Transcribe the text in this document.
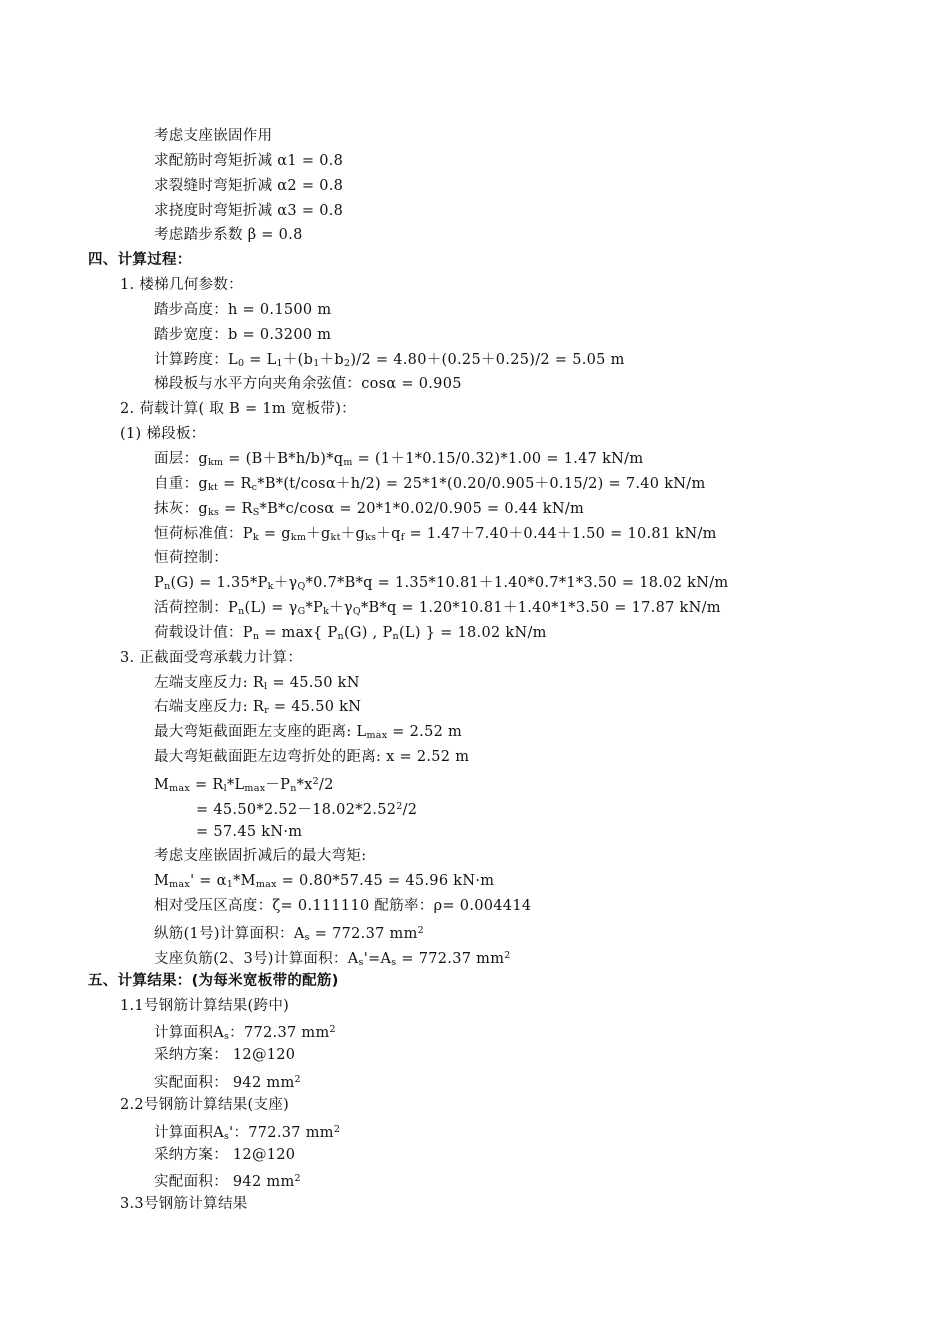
考虑支座嵌固作用
求配筋时弯矩折减 α1 = 0.8
求裂缝时弯矩折减 α2 = 0.8
求挠度时弯矩折减 α3 = 0.8
考虑踏步系数 β = 0.8
四、计算过程：
1. 楼梯几何参数：
踏步高度：h = 0.1500 m
踏步宽度：b = 0.3200 m
计算跨度：$L_0 = L_1+(b_1+b_2)/2 = 4.80+(0.25+0.25)/2 = 5.05$ m
梯段板与水平方向夹角余弦值：cosα = 0.905
2. 荷载计算( 取 B = 1m 宽板带)：
(1) 梯段板：
面层：$g_{km} = (B+B*h/b)*q_m = (1+1*0.15/0.32)*1.00 = 1.47$ kN/m
自重：$g_{kt} = R_c*B*(t/\cos\alpha+h/2) = 25*1*(0.20/0.905+0.15/2) = 7.40$ kN/m
抹灰：$g_{ks} = R_S*B*c/\cos\alpha = 20*1*0.02/0.905 = 0.44$ kN/m
恒荷标准值：$P_k = g_{km}+g_{kt}+g_{ks}+q_f = 1.47+7.40+0.44+1.50 = 10.81$ kN/m
恒荷控制：
$P_n(G) = 1.35*P_k+\gamma_Q*0.7*B*q = 1.35*10.81+1.40*0.7*1*3.50 = 18.02$ kN/m
活荷控制：$P_n(L) = \gamma_G*P_k+\gamma_Q*B*q = 1.20*10.81+1.40*1*3.50 = 17.87$ kN/m
荷载设计值：$P_n = \max${ $P_n(G)$ , $P_n(L)$ } = 18.02 kN/m
3. 正截面受弯承载力计算：
左端支座反力: $R_l = 45.50$ kN
右端支座反力: $R_r = 45.50$ kN
最大弯矩截面距左支座的距离: $L_{max} = 2.52$ m
最大弯矩截面距左边弯折处的距离: x = 2.52 m
$M_{max} = R_l*L_{max}-P_n*x^2/2$
= $45.50*2.52-18.02*2.52^2/2$
= 57.45 kN·m
考虑支座嵌固折减后的最大弯矩:
$M_{max}' = \alpha_1*M_{max} = 0.80*57.45 = 45.96$ kN·m
相对受压区高度：ζ= 0.111110 配筋率：ρ= 0.004414
纵筋(1号)计算面积：$A_s = 772.37$ $mm^2$
支座负筋(2、3号)计算面积：$A_s'=A_s = 772.37$ $mm^2$
五、计算结果：(为每米宽板带的配筋)
1.1号钢筋计算结果(跨中)
计算面积$A_s$：772.37 $mm^2$
采纳方案： 12@120
实配面积： 942 $mm^2$
2.2号钢筋计算结果(支座)
计算面积$A_s'$：772.37 $mm^2$
采纳方案： 12@120
实配面积： 942 $mm^2$
3.3号钢筋计算结果
